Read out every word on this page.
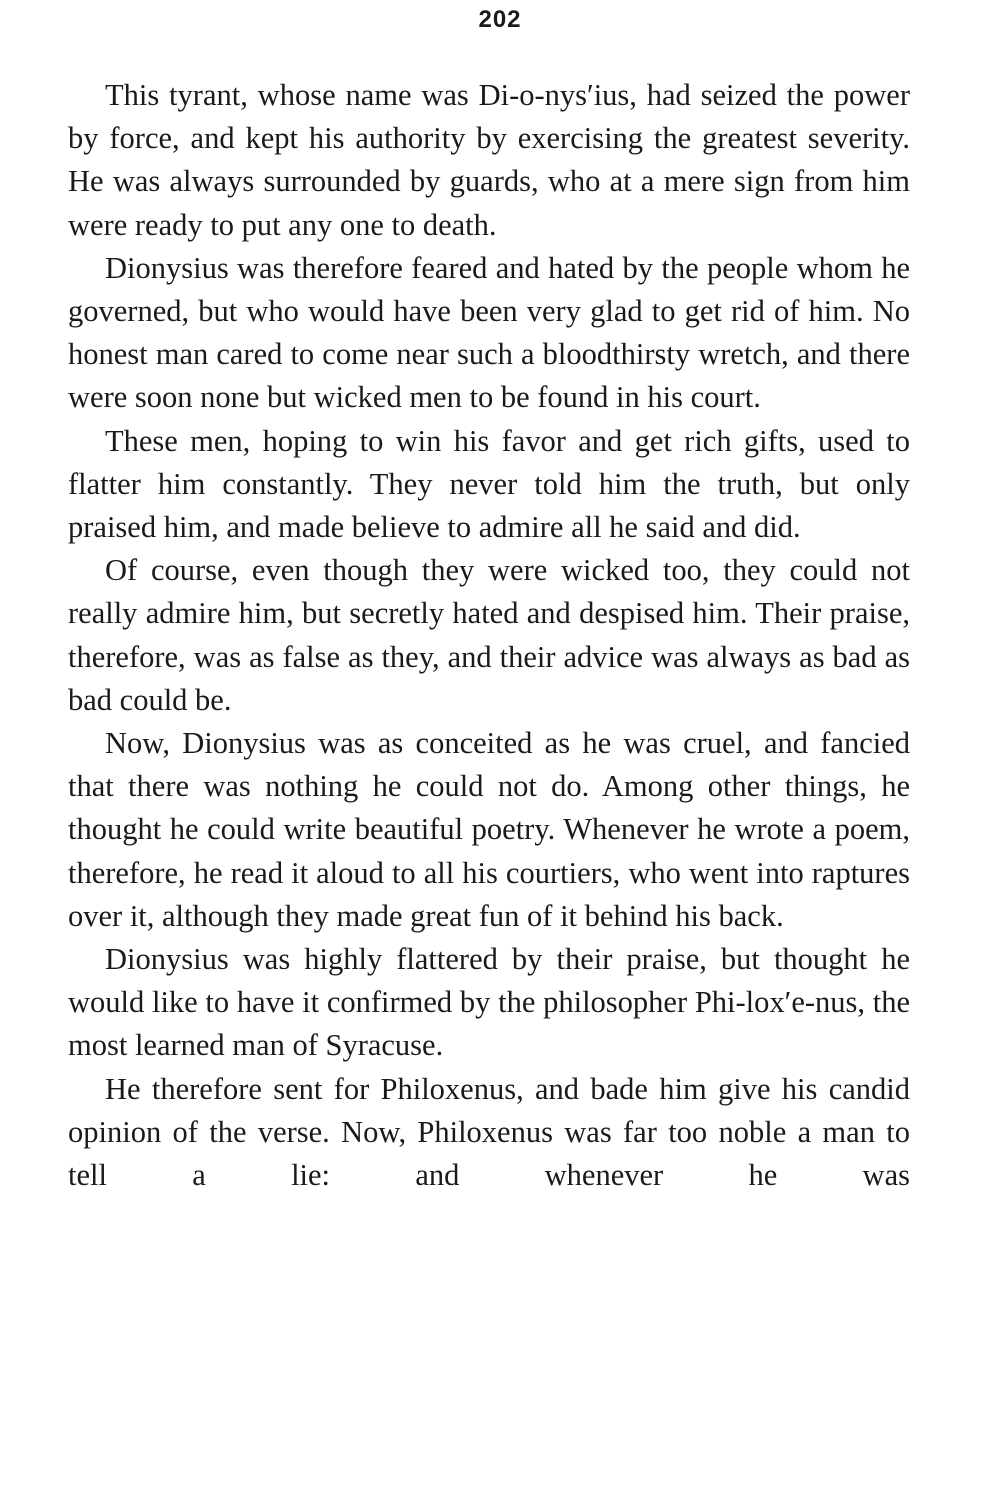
202

This tyrant, whose name was Di-o-nys′ius, had seized the power by force, and kept his authority by exercising the greatest severity. He was always surrounded by guards, who at a mere sign from him were ready to put any one to death.

Dionysius was therefore feared and hated by the people whom he governed, but who would have been very glad to get rid of him. No honest man cared to come near such a bloodthirsty wretch, and there were soon none but wicked men to be found in his court.

These men, hoping to win his favor and get rich gifts, used to flatter him constantly. They never told him the truth, but only praised him, and made believe to admire all he said and did.

Of course, even though they were wicked too, they could not really admire him, but secretly hated and despised him. Their praise, therefore, was as false as they, and their advice was always as bad as bad could be.

Now, Dionysius was as conceited as he was cruel, and fancied that there was nothing he could not do. Among other things, he thought he could write beautiful poetry. Whenever he wrote a poem, therefore, he read it aloud to all his courtiers, who went into raptures over it, although they made great fun of it behind his back.

Dionysius was highly flattered by their praise, but thought he would like to have it confirmed by the philosopher Phi-lox′e-nus, the most learned man of Syracuse.

He therefore sent for Philoxenus, and bade him give his candid opinion of the verse. Now, Philoxenus was far too noble a man to tell a lie: and whenever he was
